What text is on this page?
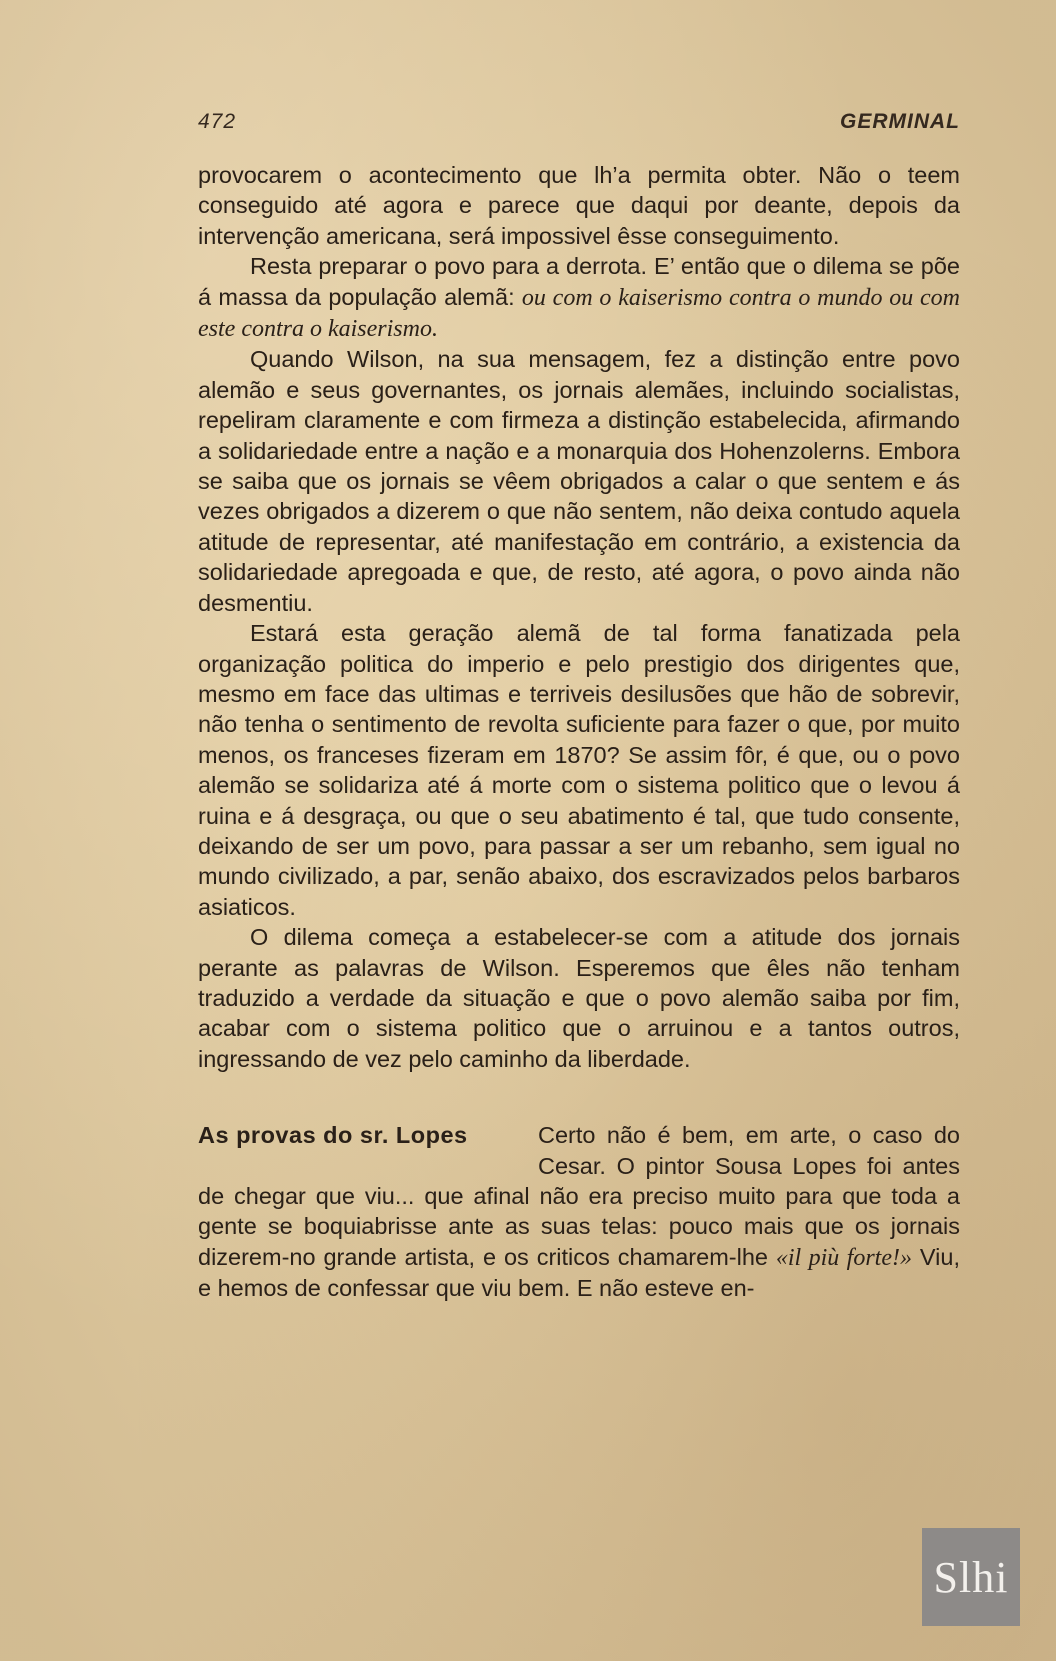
472	GERMINAL

provocarem o acontecimento que lh’a permita obter. Não o teem conseguido até agora e parece que daqui por deante, depois da intervenção americana, será impossivel êsse conseguimento.

Resta preparar o povo para a derrota. E’ então que o dilema se põe á massa da população alemã: ou com o kaiserismo contra o mundo ou com este contra o kaiserismo.

Quando Wilson, na sua mensagem, fez a distinção entre povo alemão e seus governantes, os jornais alemães, incluindo socialistas, repeliram claramente e com firmeza a distinção estabelecida, afirmando a solidariedade entre a nação e a monarquia dos Hohenzolerns. Embora se saiba que os jornais se vêem obrigados a calar o que sentem e ás vezes obrigados a dizerem o que não sentem, não deixa contudo aquela atitude de representar, até manifestação em contrário, a existencia da solidariedade apregoada e que, de resto, até agora, o povo ainda não desmentiu.

Estará esta geração alemã de tal forma fanatizada pela organização politica do imperio e pelo prestigio dos dirigentes que, mesmo em face das ultimas e terriveis desilusões que hão de sobrevir, não tenha o sentimento de revolta suficiente para fazer o que, por muito menos, os franceses fizeram em 1870? Se assim fôr, é que, ou o povo alemão se solidariza até á morte com o sistema politico que o levou á ruina e á desgraça, ou que o seu abatimento é tal, que tudo consente, deixando de ser um povo, para passar a ser um rebanho, sem igual no mundo civilizado, a par, senão abaixo, dos escravizados pelos barbaros asiaticos.

O dilema começa a estabelecer-se com a atitude dos jornais perante as palavras de Wilson. Esperemos que êles não tenham traduzido a verdade da situação e que o povo alemão saiba por fim, acabar com o sistema politico que o arruinou e a tantos outros, ingressando de vez pelo caminho da liberdade.

As provas do sr. Lopes	Certo não é bem, em arte, o caso do Cesar. O pintor Sousa Lopes foi antes de chegar que viu... que afinal não era preciso muito para que toda a gente se boquiabrisse ante as suas telas: pouco mais que os jornais dizerem-no grande artista, e os criticos chamarem-lhe «il più forte!» Viu, e hemos de confessar que viu bem. E não esteve en-

Slhi
